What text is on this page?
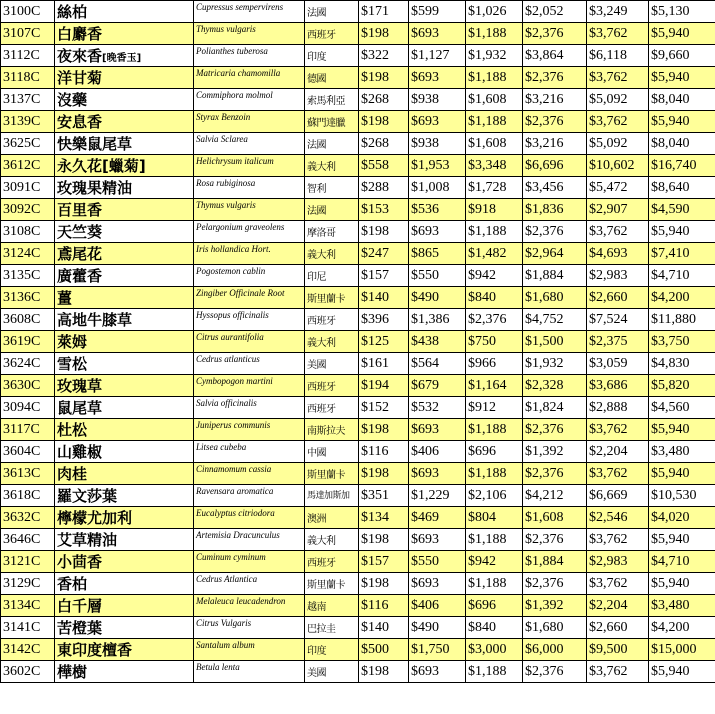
3100C	絲柏	Cupressus sempervirens	法國	$171	$599	$1,026	$2,052	$3,249	$5,130
3107C	白麝香	Thymus vulgaris	西班牙	$198	$693	$1,188	$2,376	$3,762	$5,940
3112C	夜來香[晚香玉]	Polianthes tuberosa	印度	$322	$1,127	$1,932	$3,864	$6,118	$9,660
3118C	洋甘菊	Matricaria chamomilla	德國	$198	$693	$1,188	$2,376	$3,762	$5,940
3137C	沒藥	Commiphora molmol	索馬利亞	$268	$938	$1,608	$3,216	$5,092	$8,040
3139C	安息香	Styrax Benzoin	蘇門達臘	$198	$693	$1,188	$2,376	$3,762	$5,940
3625C	快樂鼠尾草	Salvia Sclarea	法國	$268	$938	$1,608	$3,216	$5,092	$8,040
3612C	永久花[蠟菊]	Helichrysum italicum	義大利	$558	$1,953	$3,348	$6,696	$10,602	$16,740
3091C	玫瑰果精油	Rosa rubiginosa	智利	$288	$1,008	$1,728	$3,456	$5,472	$8,640
3092C	百里香	Thymus vulgaris	法國	$153	$536	$918	$1,836	$2,907	$4,590
3108C	天竺葵	Pelargonium graveolens	摩洛哥	$198	$693	$1,188	$2,376	$3,762	$5,940
3124C	鳶尾花	Iris hollandica Hort.	義大利	$247	$865	$1,482	$2,964	$4,693	$7,410
3135C	廣藿香	Pogostemon cablin	印尼	$157	$550	$942	$1,884	$2,983	$4,710
3136C	薑	Zingiber Officinale Root	斯里蘭卡	$140	$490	$840	$1,680	$2,660	$4,200
3608C	高地牛膝草	Hyssopus officinalis	西班牙	$396	$1,386	$2,376	$4,752	$7,524	$11,880
3619C	萊姆	Citrus aurantifolia	義大利	$125	$438	$750	$1,500	$2,375	$3,750
3624C	雪松	Cedrus atlanticus	美國	$161	$564	$966	$1,932	$3,059	$4,830
3630C	玫瑰草	Cymbopogon martini	西班牙	$194	$679	$1,164	$2,328	$3,686	$5,820
3094C	鼠尾草	Salvia officinalis	西班牙	$152	$532	$912	$1,824	$2,888	$4,560
3117C	杜松	Juniperus communis	南斯拉夫	$198	$693	$1,188	$2,376	$3,762	$5,940
3604C	山雞椒	Litsea cubeba	中國	$116	$406	$696	$1,392	$2,204	$3,480
3613C	肉桂	Cinnamomum cassia	斯里蘭卡	$198	$693	$1,188	$2,376	$3,762	$5,940
3618C	羅文莎葉	Ravensara aromatica	馬達加斯加	$351	$1,229	$2,106	$4,212	$6,669	$10,530
3632C	檸檬尤加利	Eucalyptus citriodora	澳洲	$134	$469	$804	$1,608	$2,546	$4,020
3646C	艾草精油	Artemisia Dracunculus	義大利	$198	$693	$1,188	$2,376	$3,762	$5,940
3121C	小茴香	Cuminum cyminum	西班牙	$157	$550	$942	$1,884	$2,983	$4,710
3129C	香柏	Cedrus Atlantica	斯里蘭卡	$198	$693	$1,188	$2,376	$3,762	$5,940
3134C	白千層	Melaleuca leucadendron	越南	$116	$406	$696	$1,392	$2,204	$3,480
3141C	苦橙葉	Citrus Vulgaris	巴拉圭	$140	$490	$840	$1,680	$2,660	$4,200
3142C	東印度檀香	Santalum album	印度	$500	$1,750	$3,000	$6,000	$9,500	$15,000
3602C	樺樹	Betula lenta	美國	$198	$693	$1,188	$2,376	$3,762	$5,940
